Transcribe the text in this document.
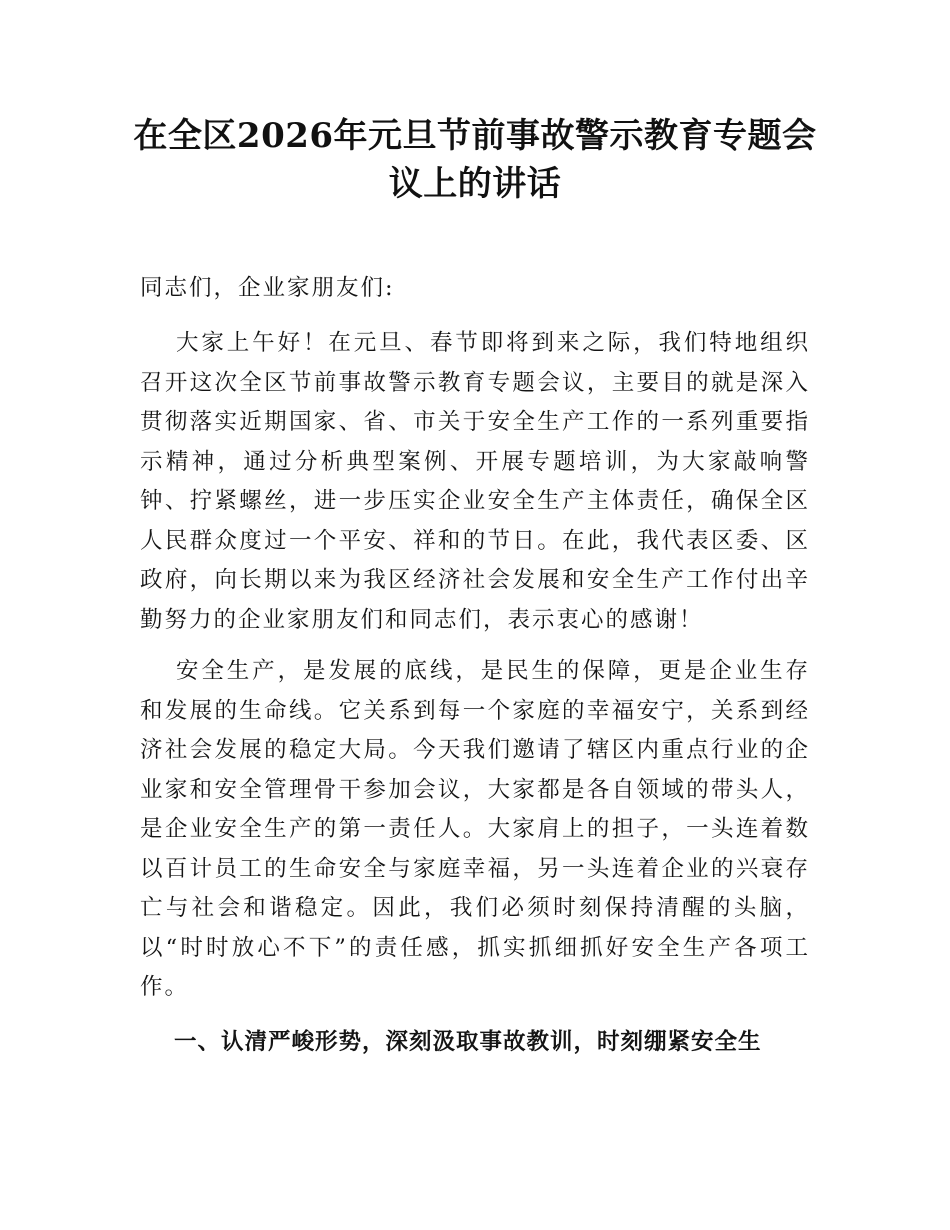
在全区2026年元旦节前事故警示教育专题会议上的讲话

同志们，企业家朋友们:

大家上午好！在元旦、春节即将到来之际，我们特地组织召开这次全区节前事故警示教育专题会议，主要目的就是深入贯彻落实近期国家、省、市关于安全生产工作的一系列重要指示精神，通过分析典型案例、开展专题培训，为大家敲响警钟、拧紧螺丝，进一步压实企业安全生产主体责任，确保全区人民群众度过一个平安、祥和的节日。在此，我代表区委、区政府，向长期以来为我区经济社会发展和安全生产工作付出辛勤努力的企业家朋友们和同志们，表示衷心的感谢！

安全生产，是发展的底线，是民生的保障，更是企业生存和发展的生命线。它关系到每一个家庭的幸福安宁，关系到经济社会发展的稳定大局。今天我们邀请了辖区内重点行业的企业家和安全管理骨干参加会议，大家都是各自领域的带头人，是企业安全生产的第一责任人。大家肩上的担子，一头连着数以百计员工的生命安全与家庭幸福，另一头连着企业的兴衰存亡与社会和谐稳定。因此，我们必须时刻保持清醒的头脑，以“时时放心不下”的责任感，抓实抓细抓好安全生产各项工作。

一、认清严峻形势，深刻汲取事故教训，时刻绷紧安全生
